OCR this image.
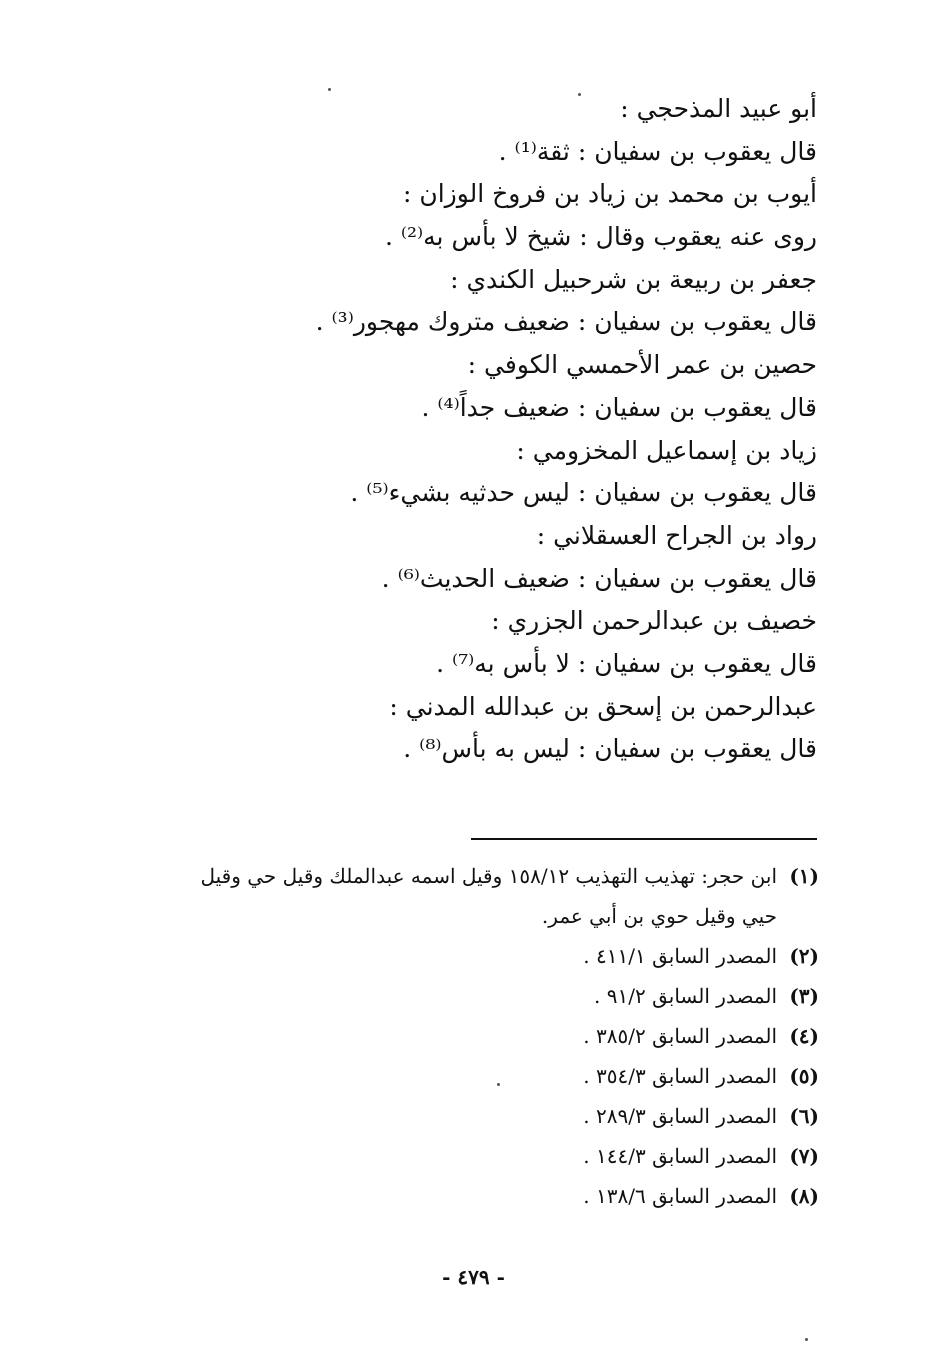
أبو عبيد المذحجي :
قال يعقوب بن سفيان : ثقة⁽¹⁾ .
أيوب بن محمد بن زياد بن فروخ الوزان :
روى عنه يعقوب وقال : شيخ لا بأس به⁽²⁾ .
جعفر بن ربيعة بن شرحبيل الكندي :
قال يعقوب بن سفيان : ضعيف متروك مهجور⁽³⁾ .
حصين بن عمر الأحمسي الكوفي :
قال يعقوب بن سفيان : ضعيف جداً⁽⁴⁾ .
زياد بن إسماعيل المخزومي :
قال يعقوب بن سفيان : ليس حدثيه بشيء⁽⁵⁾ .
رواد بن الجراح العسقلاني :
قال يعقوب بن سفيان : ضعيف الحديث⁽⁶⁾ .
خصيف بن عبدالرحمن الجزري :
قال يعقوب بن سفيان : لا بأس به⁽⁷⁾ .
عبدالرحمن بن إسحق بن عبدالله المدني :
قال يعقوب بن سفيان : ليس به بأس⁽⁸⁾ .
(١)
ابن حجر: تهذيب التهذيب ١٥٨/١٢ وقيل اسمه عبدالملك وقيل حي وقيل
حيي وقيل حوي بن أبي عمر.
(٢)
المصدر السابق ٤١١/١ .
(٣)
المصدر السابق ٩١/٢ .
(٤)
المصدر السابق ٣٨٥/٢ .
(٥)
المصدر السابق ٣٥٤/٣ .
(٦)
المصدر السابق ٢٨٩/٣ .
(٧)
المصدر السابق ١٤٤/٣ .
(٨)
المصدر السابق ١٣٨/٦ .
- ٤٧٩ -
